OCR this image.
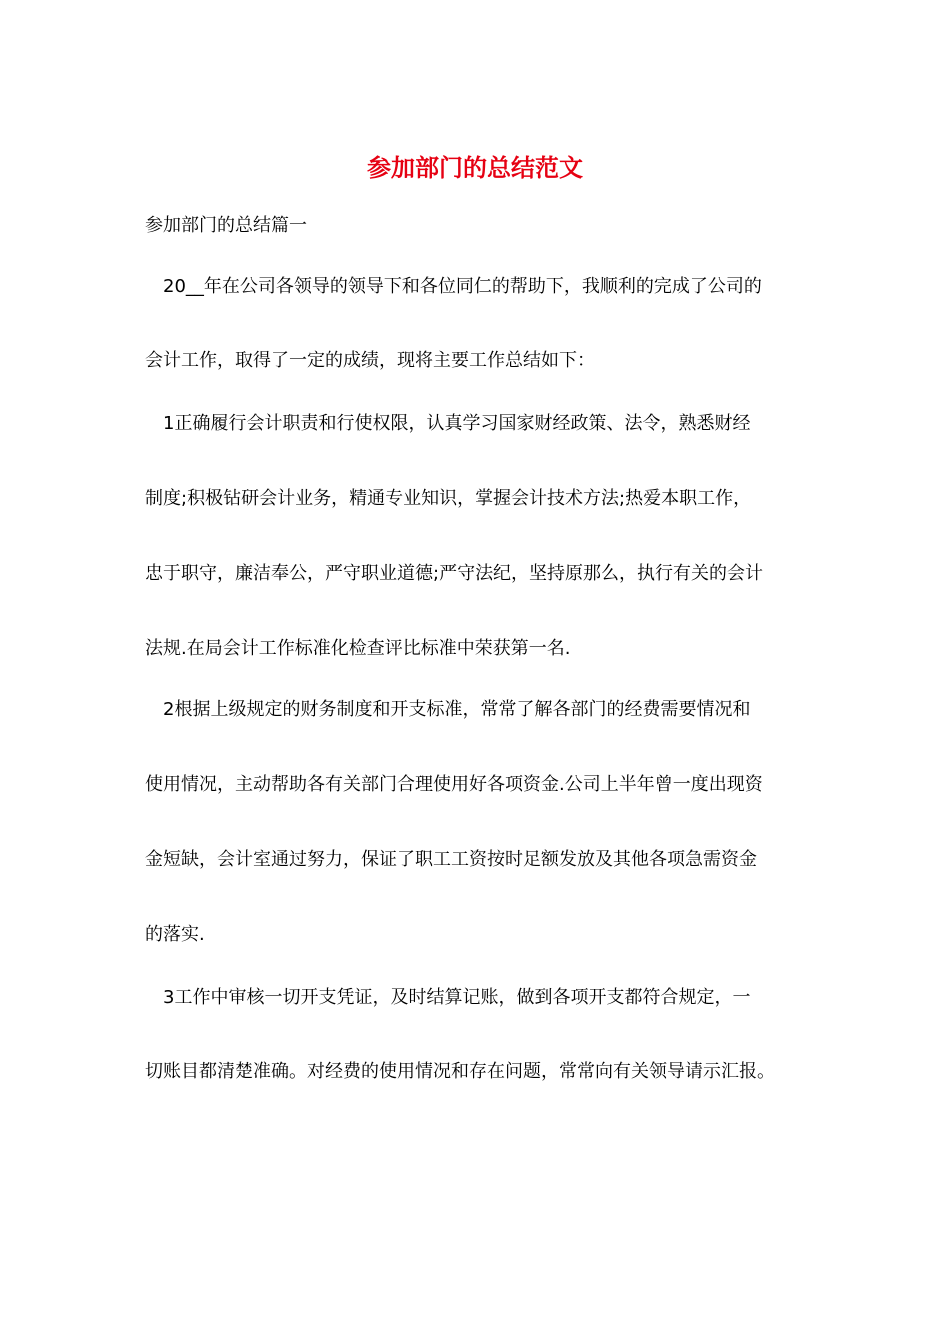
参加部门的总结范文

参加部门的总结篇一

20__年在公司各领导的领导下和各位同仁的帮助下，我顺利的完成了公司的

会计工作，取得了一定的成绩，现将主要工作总结如下：

1正确履行会计职责和行使权限，认真学习国家财经政策、法令，熟悉财经

制度;积极钻研会计业务，精通专业知识，掌握会计技术方法;热爱本职工作，

忠于职守，廉洁奉公，严守职业道德;严守法纪，坚持原那么，执行有关的会计

法规.在局会计工作标准化检查评比标准中荣获第一名.

2根据上级规定的财务制度和开支标准，常常了解各部门的经费需要情况和

使用情况，主动帮助各有关部门合理使用好各项资金.公司上半年曾一度出现资

金短缺，会计室通过努力，保证了职工工资按时足额发放及其他各项急需资金

的落实.

3工作中审核一切开支凭证，及时结算记账，做到各项开支都符合规定，一

切账目都清楚准确。对经费的使用情况和存在问题，常常向有关领导请示汇报。
